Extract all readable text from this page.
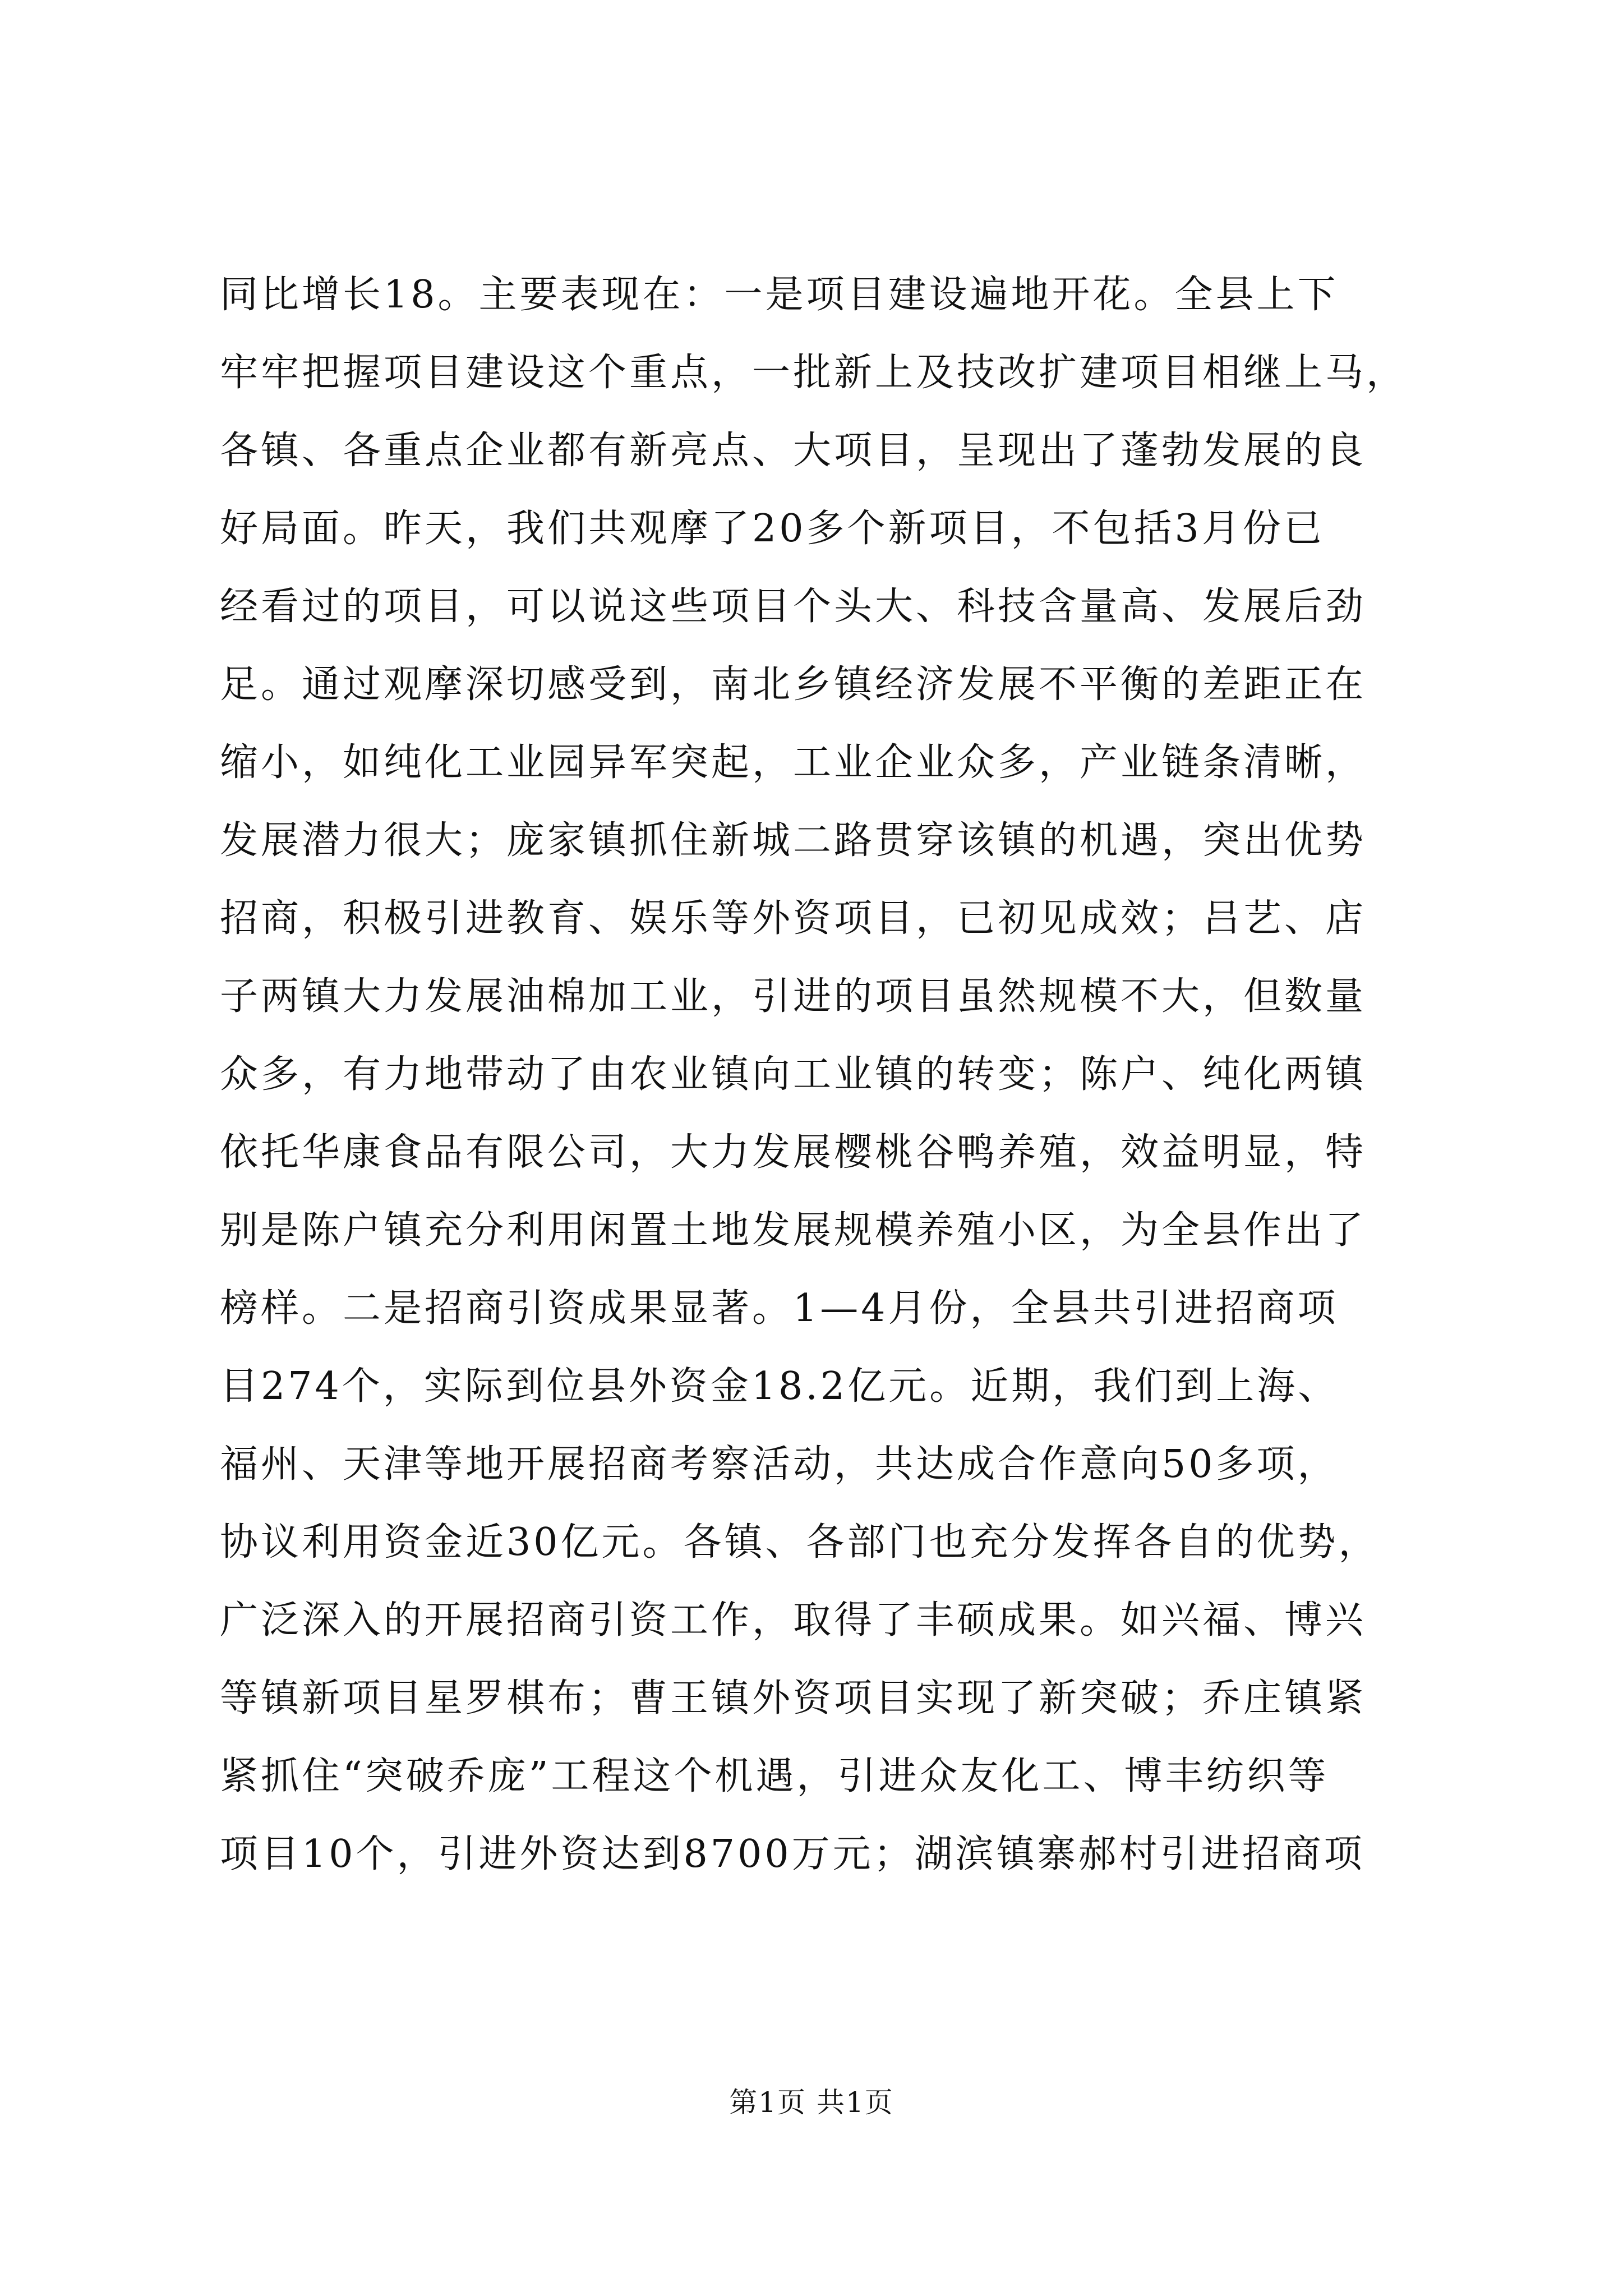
同比增长18。主要表现在：一是项目建设遍地开花。全县上下
牢牢把握项目建设这个重点，一批新上及技改扩建项目相继上马，
各镇、各重点企业都有新亮点、大项目，呈现出了蓬勃发展的良
好局面。昨天，我们共观摩了20多个新项目，不包括3月份已
经看过的项目，可以说这些项目个头大、科技含量高、发展后劲
足。通过观摩深切感受到，南北乡镇经济发展不平衡的差距正在
缩小，如纯化工业园异军突起，工业企业众多，产业链条清晰，
发展潜力很大；庞家镇抓住新城二路贯穿该镇的机遇，突出优势
招商，积极引进教育、娱乐等外资项目，已初见成效；吕艺、店
子两镇大力发展油棉加工业，引进的项目虽然规模不大，但数量
众多，有力地带动了由农业镇向工业镇的转变；陈户、纯化两镇
依托华康食品有限公司，大力发展樱桃谷鸭养殖，效益明显，特
别是陈户镇充分利用闲置土地发展规模养殖小区，为全县作出了
榜样。二是招商引资成果显著。1—4月份，全县共引进招商项
目274个，实际到位县外资金18.2亿元。近期，我们到上海、
福州、天津等地开展招商考察活动，共达成合作意向50多项，
协议利用资金近30亿元。各镇、各部门也充分发挥各自的优势，
广泛深入的开展招商引资工作，取得了丰硕成果。如兴福、博兴
等镇新项目星罗棋布；曹王镇外资项目实现了新突破；乔庄镇紧
紧抓住“突破乔庞”工程这个机遇，引进众友化工、博丰纺织等
项目10个，引进外资达到8700万元；湖滨镇寨郝村引进招商项
第1页 共1页
